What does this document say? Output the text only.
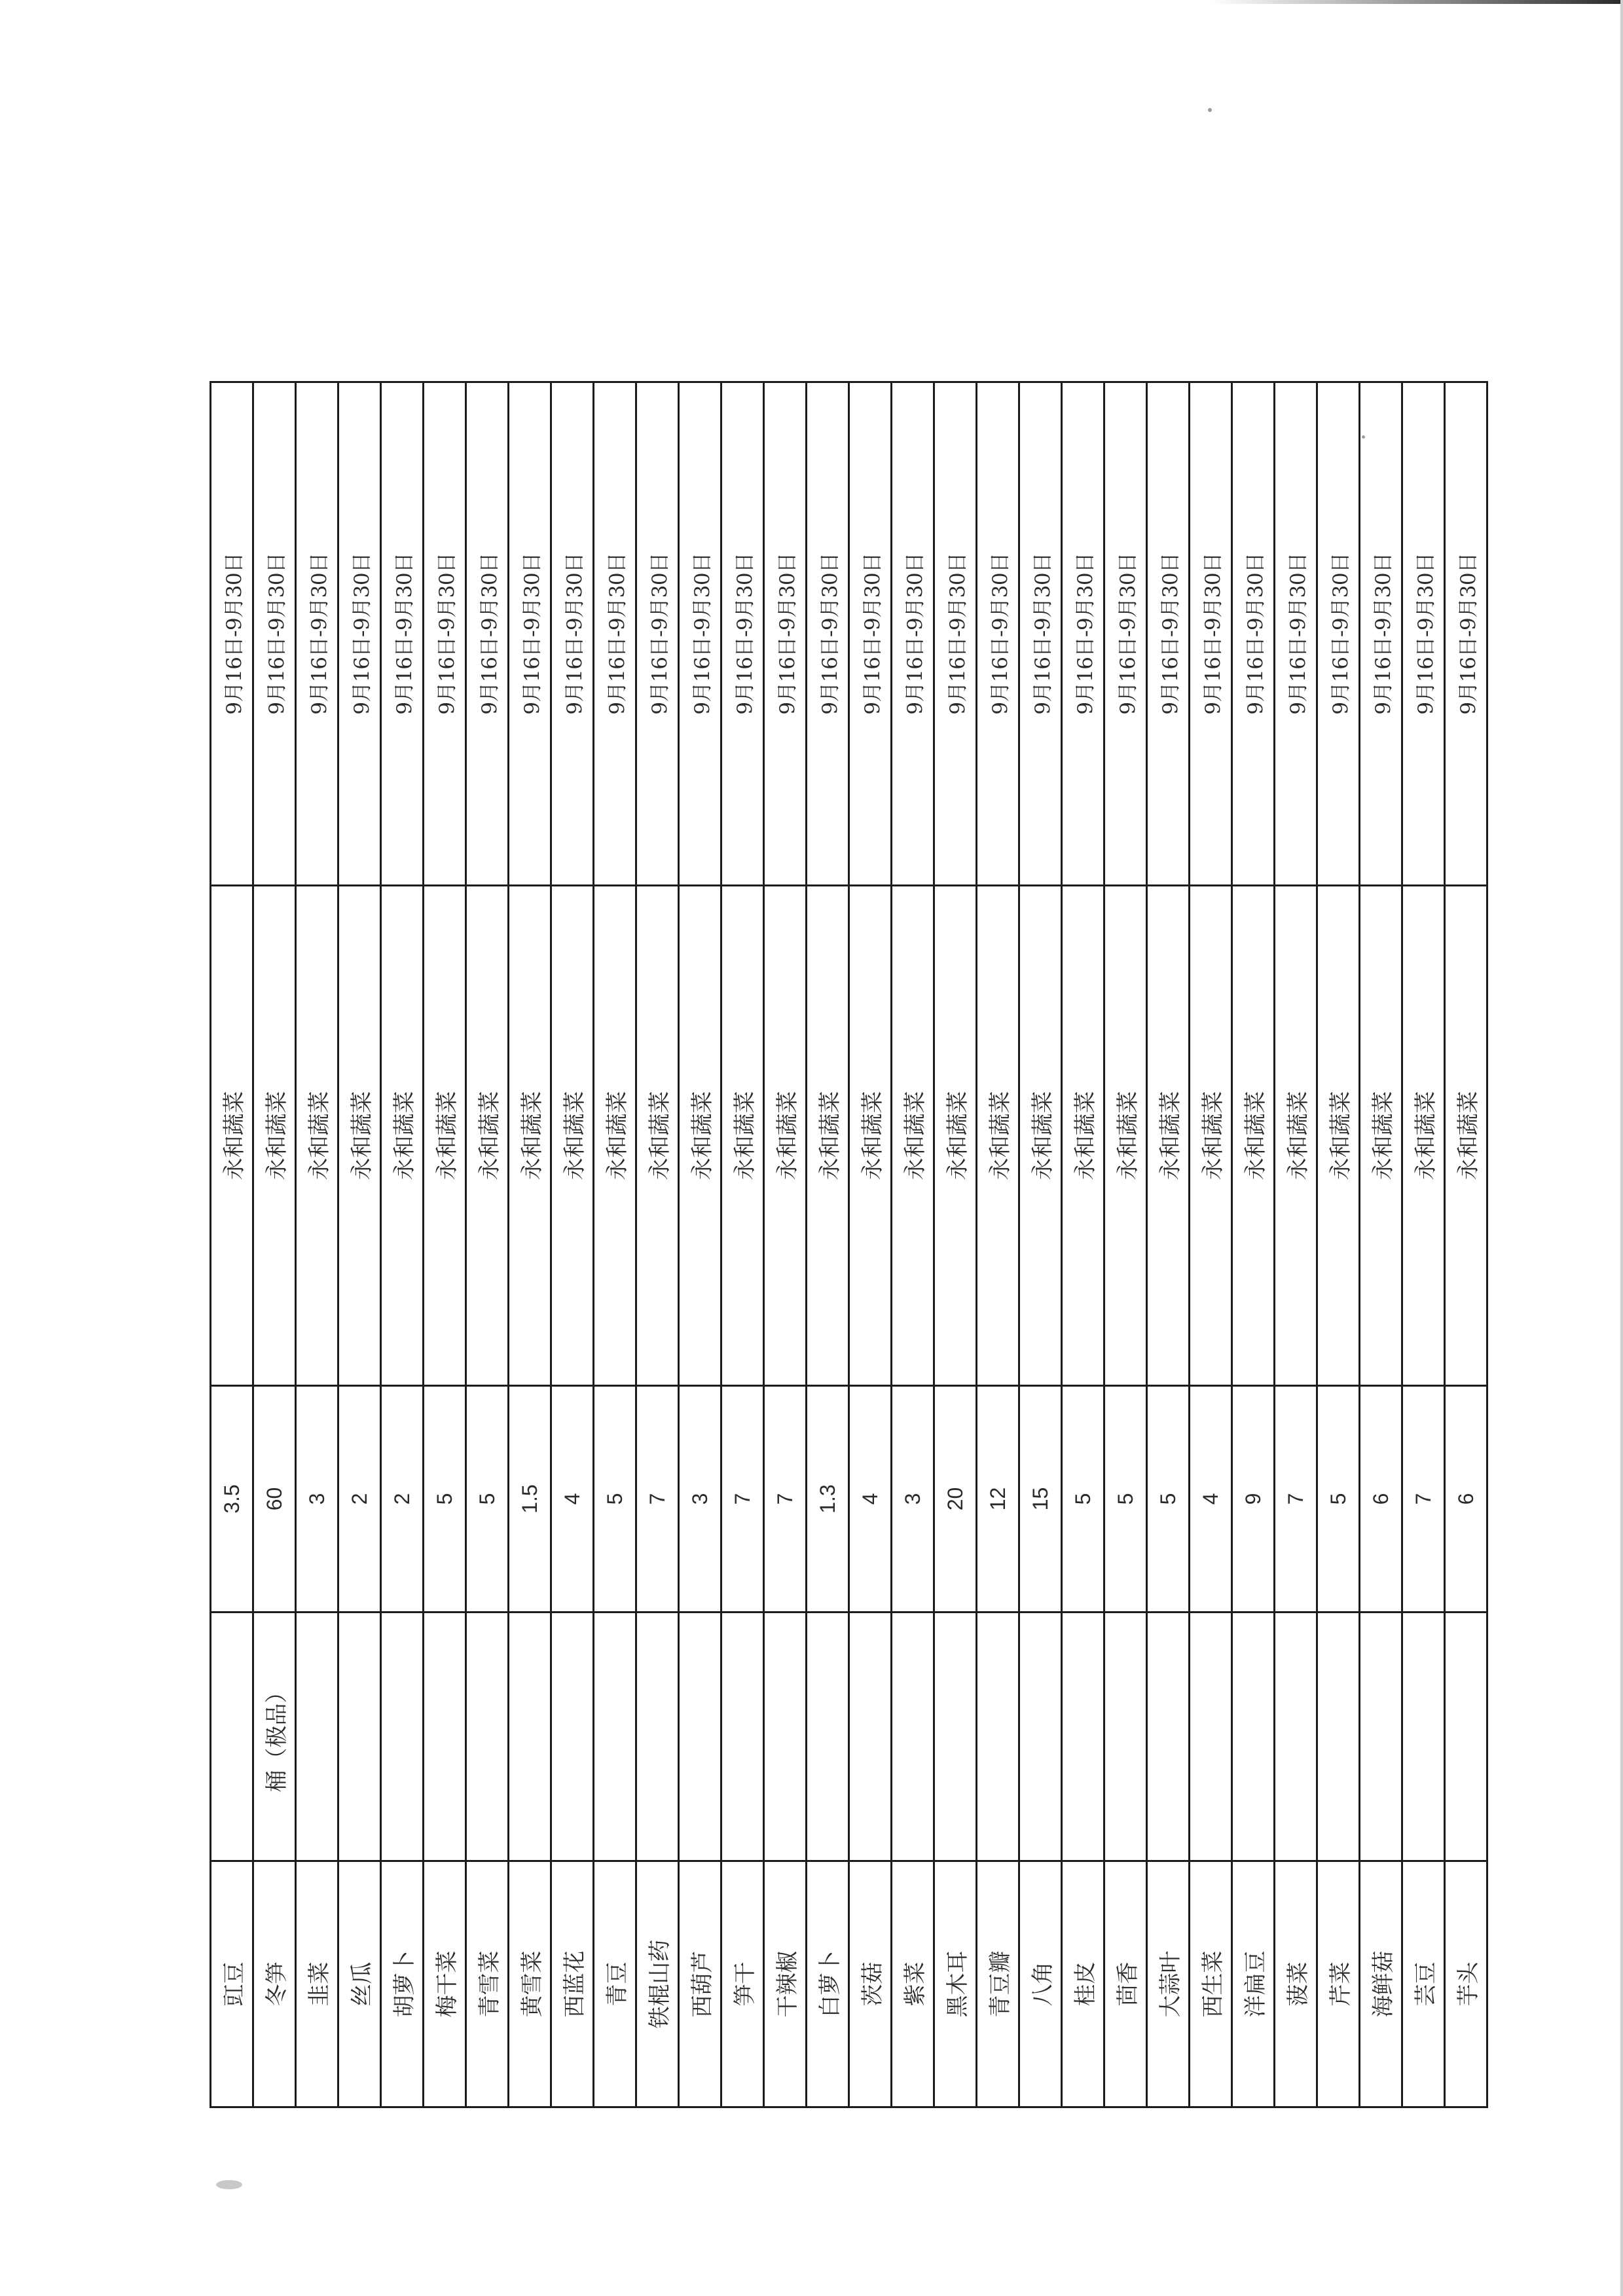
豇豆		3.5	永和蔬菜	9月16日-9月30日
冬笋	桶（极品）	60	永和蔬菜	9月16日-9月30日
韭菜		3	永和蔬菜	9月16日-9月30日
丝瓜		2	永和蔬菜	9月16日-9月30日
胡萝卜		2	永和蔬菜	9月16日-9月30日
梅干菜		5	永和蔬菜	9月16日-9月30日
青雪菜		5	永和蔬菜	9月16日-9月30日
黄雪菜		1.5	永和蔬菜	9月16日-9月30日
西蓝花		4	永和蔬菜	9月16日-9月30日
青豆		5	永和蔬菜	9月16日-9月30日
铁棍山药		7	永和蔬菜	9月16日-9月30日
西葫芦		3	永和蔬菜	9月16日-9月30日
笋干		7	永和蔬菜	9月16日-9月30日
干辣椒		7	永和蔬菜	9月16日-9月30日
白萝卜		1.3	永和蔬菜	9月16日-9月30日
茨菇		4	永和蔬菜	9月16日-9月30日
紫菜		3	永和蔬菜	9月16日-9月30日
黑木耳		20	永和蔬菜	9月16日-9月30日
青豆瓣		12	永和蔬菜	9月16日-9月30日
八角		15	永和蔬菜	9月16日-9月30日
桂皮		5	永和蔬菜	9月16日-9月30日
茴香		5	永和蔬菜	9月16日-9月30日
大蒜叶		5	永和蔬菜	9月16日-9月30日
西生菜		4	永和蔬菜	9月16日-9月30日
洋扁豆		9	永和蔬菜	9月16日-9月30日
菠菜		7	永和蔬菜	9月16日-9月30日
芹菜		5	永和蔬菜	9月16日-9月30日
海鲜菇		6	永和蔬菜	9月16日-9月30日
芸豆		7	永和蔬菜	9月16日-9月30日
芋头		6	永和蔬菜	9月16日-9月30日
